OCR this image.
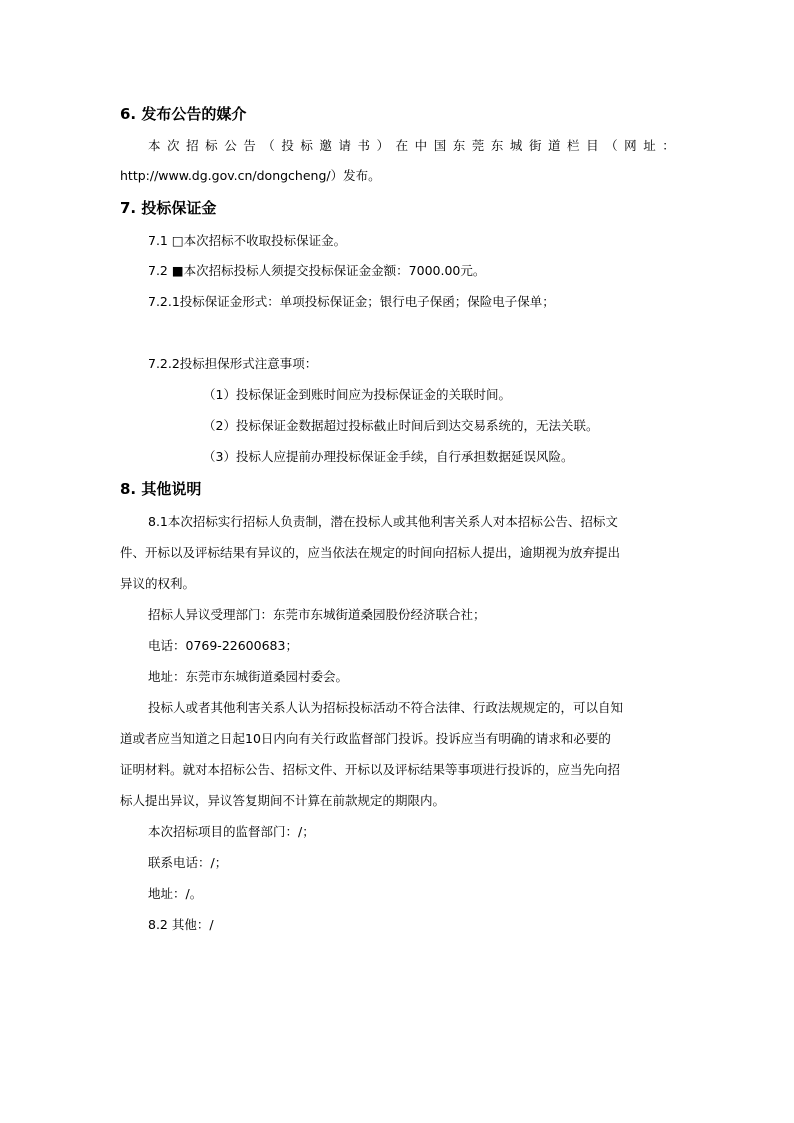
6. 发布公告的媒介
本 次 招 标 公 告 （ 投 标 邀 请 书 ） 在 中 国 东 莞 东 城 街 道 栏 目 （ 网 址 ：
http://www.dg.gov.cn/dongcheng/）发布。
7. 投标保证金
7.1 □本次招标不收取投标保证金。
7.2 ■本次招标投标人须提交投标保证金金额：7000.00元。
7.2.1投标保证金形式：单项投标保证金；银行电子保函；保险电子保单；
7.2.2投标担保形式注意事项：
（1）投标保证金到账时间应为投标保证金的关联时间。
（2）投标保证金数据超过投标截止时间后到达交易系统的，无法关联。
（3）投标人应提前办理投标保证金手续，自行承担数据延误风险。
8. 其他说明
8.1本次招标实行招标人负责制，潜在投标人或其他利害关系人对本招标公告、招标文
件、开标以及评标结果有异议的，应当依法在规定的时间向招标人提出，逾期视为放弃提出
异议的权利。
招标人异议受理部门：东莞市东城街道桑园股份经济联合社；
电话：0769-22600683；
地址：东莞市东城街道桑园村委会。
投标人或者其他利害关系人认为招标投标活动不符合法律、行政法规规定的，可以自知
道或者应当知道之日起10日内向有关行政监督部门投诉。投诉应当有明确的请求和必要的
证明材料。就对本招标公告、招标文件、开标以及评标结果等事项进行投诉的，应当先向招
标人提出异议，异议答复期间不计算在前款规定的期限内。
本次招标项目的监督部门：/；
联系电话：/；
地址：/。
8.2 其他：/
